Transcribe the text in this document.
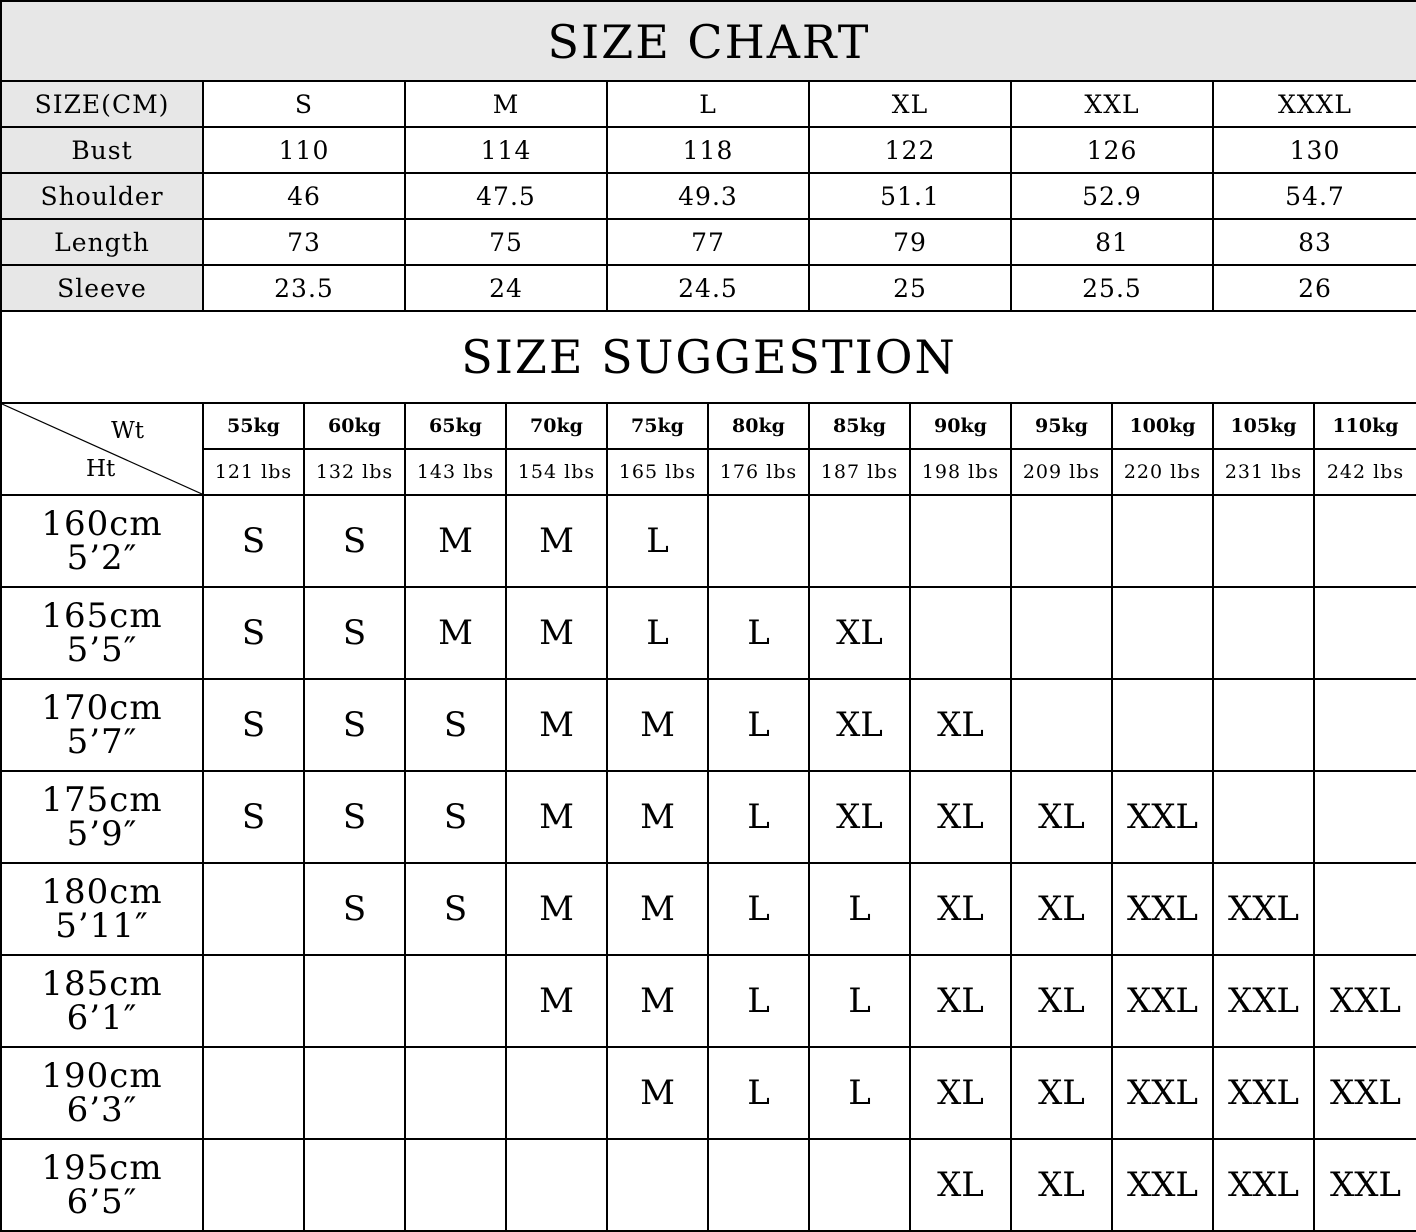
SIZE CHART
SIZE(CM)	S	M	L	XL	XXL	XXXL
Bust	110	114	118	122	126	130
Shoulder	46	47.5	49.3	51.1	52.9	54.7
Length	73	75	77	79	81	83
Sleeve	23.5	24	24.5	25	25.5	26
SIZE SUGGESTION
Wt
Ht	55kg	60kg	65kg	70kg	75kg	80kg	85kg	90kg	95kg	100kg	105kg	110kg
	121 lbs	132 lbs	143 lbs	154 lbs	165 lbs	176 lbs	187 lbs	198 lbs	209 lbs	220 lbs	231 lbs	242 lbs

160cm
5’2″	S	S	M	M	L							

165cm
5’5″	S	S	M	M	L	L	XL					

170cm
5’7″	S	S	S	M	M	L	XL	XL				

175cm
5’9″	S	S	S	M	M	L	XL	XL	XL	XXL		

180cm
5’11″		S	S	M	M	L	L	XL	XL	XXL	XXL	

185cm
6’1″				M	M	L	L	XL	XL	XXL	XXL	XXL

190cm
6’3″					M	L	L	XL	XL	XXL	XXL	XXL

195cm
6’5″								XL	XL	XXL	XXL	XXL
